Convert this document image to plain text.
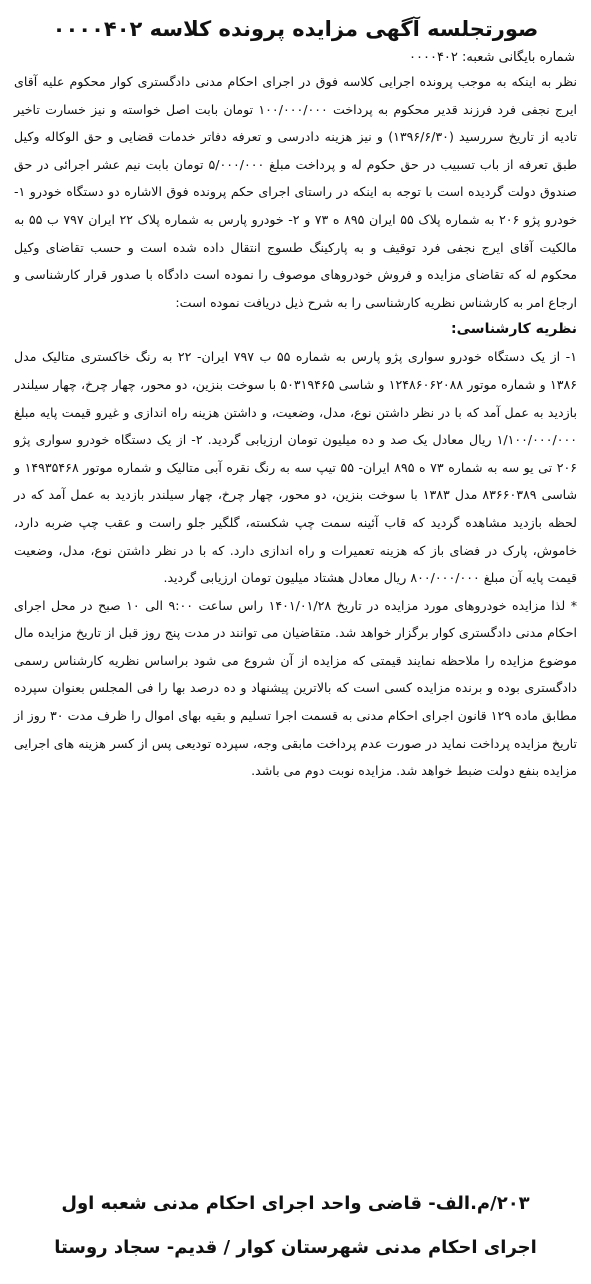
صورتجلسه آگهی مزایده پرونده کلاسه ۰۰۰۰۴۰۲
شماره بایگانی شعبه: ۰۰۰۰۴۰۲

نظر به اینکه به موجب پرونده اجرایی کلاسه فوق در اجرای احکام مدنی دادگستری کوار محکوم علیه آقای ایرج نجفی فرد فرزند قدیر محکوم به پرداخت ۱۰۰/۰۰۰/۰۰۰ تومان بابت اصل خواسته و نیز خسارت تاخیر تادیه از تاریخ سررسید (۱۳۹۶/۶/۳۰) و نیز هزینه دادرسی و تعرفه دفاتر خدمات قضایی و حق الوکاله وکیل طبق تعرفه از باب تسبیب در حق حکوم له و پرداخت مبلغ ۵/۰۰۰/۰۰۰ تومان بابت نیم عشر اجرائی در حق صندوق دولت گردیده است با توجه به اینکه در راستای اجرای حکم پرونده فوق الاشاره دو دستگاه خودرو ۱- خودرو پژو ۲۰۶ به شماره پلاک ۵۵ ایران ۸۹۵ ه ۷۳ و ۲- خودرو پارس به شماره پلاک ۲۲ ایران ۷۹۷ ب ۵۵ به مالکیت آقای ایرج نجفی فرد توقیف و به پارکینگ طسوج انتقال داده شده است و حسب تقاضای وکیل محکوم له که تقاضای مزایده و فروش خودروهای موصوف را نموده است دادگاه با صدور قرار کارشناسی و ارجاع امر به کارشناس نظریه کارشناسی را به شرح ذیل دریافت نموده است:

نظریه کارشناسی:

۱- از یک دستگاه خودرو سواری پژو پارس به شماره ۵۵ ب ۷۹۷ ایران- ۲۲ به رنگ خاکستری متالیک مدل ۱۳۸۶ و شماره موتور ۱۲۴۸۶۰۶۲۰۸۸ و شاسی ۵۰۳۱۹۴۶۵ با سوخت بنزین، دو محور، چهار چرخ، چهار سیلندر بازدید به عمل آمد که با در نظر داشتن نوع، مدل، وضعیت، و داشتن هزینه راه اندازی و غیرو قیمت پایه مبلغ ۱/۱۰۰/۰۰۰/۰۰۰ ریال معادل یک صد و ده میلیون تومان ارزیابی گردید. ۲- از یک دستگاه خودرو سواری پژو ۲۰۶ تی یو سه به شماره ۷۳ ه ۸۹۵ ایران- ۵۵ تیپ سه به رنگ نقره آبی متالیک و شماره موتور ۱۴۹۳۵۴۶۸ و شاسی ۸۳۶۶۰۳۸۹ مدل ۱۳۸۳ با سوخت بنزین، دو محور، چهار چرخ، چهار سیلندر بازدید به عمل آمد که در لحظه بازدید مشاهده گردید که قاب آئینه سمت چپ شکسته، گلگیر جلو راست و عقب چپ ضربه دارد، خاموش، پارک در فضای باز که هزینه تعمیرات و راه اندازی دارد. که با در نظر داشتن نوع، مدل، وضعیت قیمت پایه آن مبلغ ۸۰۰/۰۰۰/۰۰۰ ریال معادل هشتاد میلیون تومان ارزیابی گردید.

* لذا مزایده خودروهای مورد مزایده در تاریخ ۱۴۰۱/۰۱/۲۸ راس ساعت ۹:۰۰ الی ۱۰ صبح در محل اجرای احکام مدنی دادگستری کوار برگزار خواهد شد. متقاضیان می توانند در مدت پنج روز قبل از تاریخ مزایده مال موضوع مزایده را ملاحظه نمایند قیمتی که مزایده از آن شروع می شود براساس نظریه کارشناس رسمی دادگستری بوده و برنده مزایده کسی است که بالاترین پیشنهاد و ده درصد بها را فی المجلس بعنوان سپرده مطابق ماده ۱۲۹ قانون اجرای احکام مدنی به قسمت اجرا تسلیم و بقیه بهای اموال را ظرف مدت ۳۰ روز از تاریخ مزایده پرداخت نماید در صورت عدم پرداخت مابقی وجه، سپرده تودیعی پس از کسر هزینه های اجرایی مزایده بنفع دولت ضبط خواهد شد. مزایده نوبت دوم می باشد.

۲۰۳/م.الف- قاضی واحد اجرای احکام مدنی شعبه اول
اجرای احکام مدنی شهرستان کوار / قدیم- سجاد روستا
